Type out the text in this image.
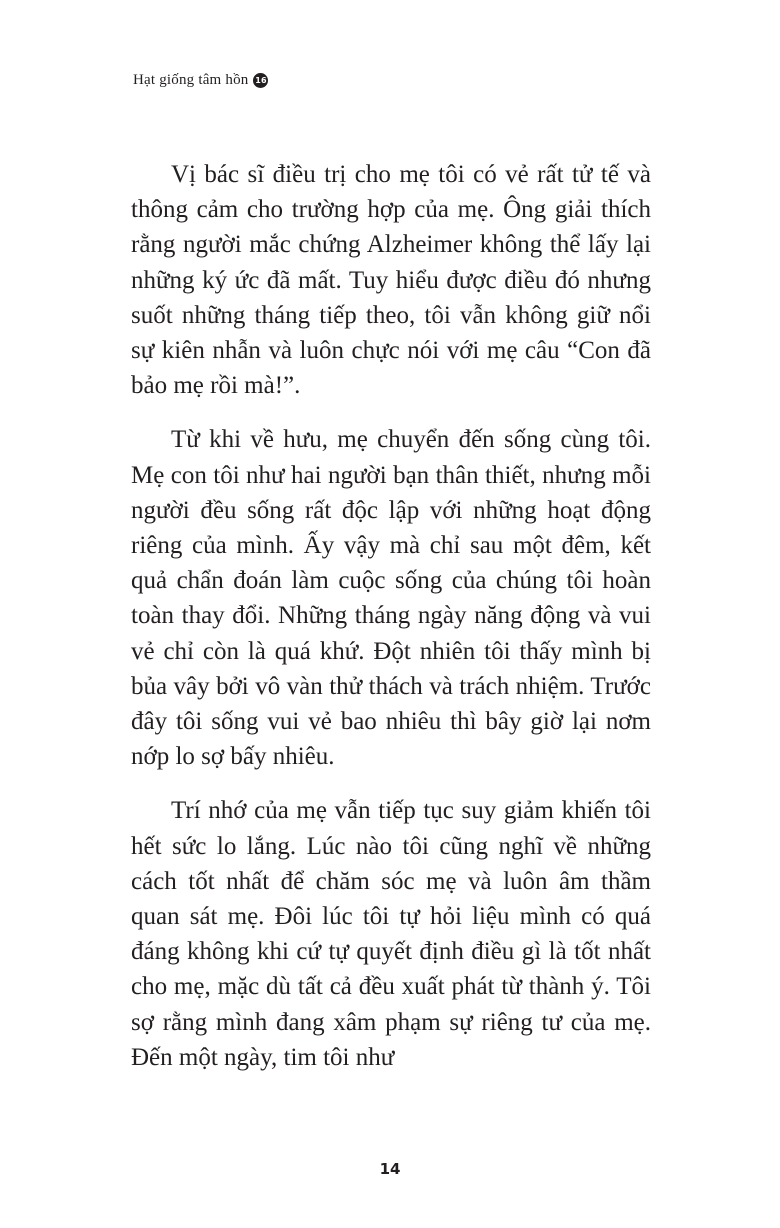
Hạt giống tâm hồn 16

Vị bác sĩ điều trị cho mẹ tôi có vẻ rất tử tế và thông cảm cho trường hợp của mẹ. Ông giải thích rằng người mắc chứng Alzheimer không thể lấy lại những ký ức đã mất. Tuy hiểu được điều đó nhưng suốt những tháng tiếp theo, tôi vẫn không giữ nổi sự kiên nhẫn và luôn chực nói với mẹ câu “Con đã bảo mẹ rồi mà!”.

Từ khi về hưu, mẹ chuyển đến sống cùng tôi. Mẹ con tôi như hai người bạn thân thiết, nhưng mỗi người đều sống rất độc lập với những hoạt động riêng của mình. Ấy vậy mà chỉ sau một đêm, kết quả chẩn đoán làm cuộc sống của chúng tôi hoàn toàn thay đổi. Những tháng ngày năng động và vui vẻ chỉ còn là quá khứ. Đột nhiên tôi thấy mình bị bủa vây bởi vô vàn thử thách và trách nhiệm. Trước đây tôi sống vui vẻ bao nhiêu thì bây giờ lại nơm nớp lo sợ bấy nhiêu.

Trí nhớ của mẹ vẫn tiếp tục suy giảm khiến tôi hết sức lo lắng. Lúc nào tôi cũng nghĩ về những cách tốt nhất để chăm sóc mẹ và luôn âm thầm quan sát mẹ. Đôi lúc tôi tự hỏi liệu mình có quá đáng không khi cứ tự quyết định điều gì là tốt nhất cho mẹ, mặc dù tất cả đều xuất phát từ thành ý. Tôi sợ rằng mình đang xâm phạm sự riêng tư của mẹ. Đến một ngày, tim tôi như

14
